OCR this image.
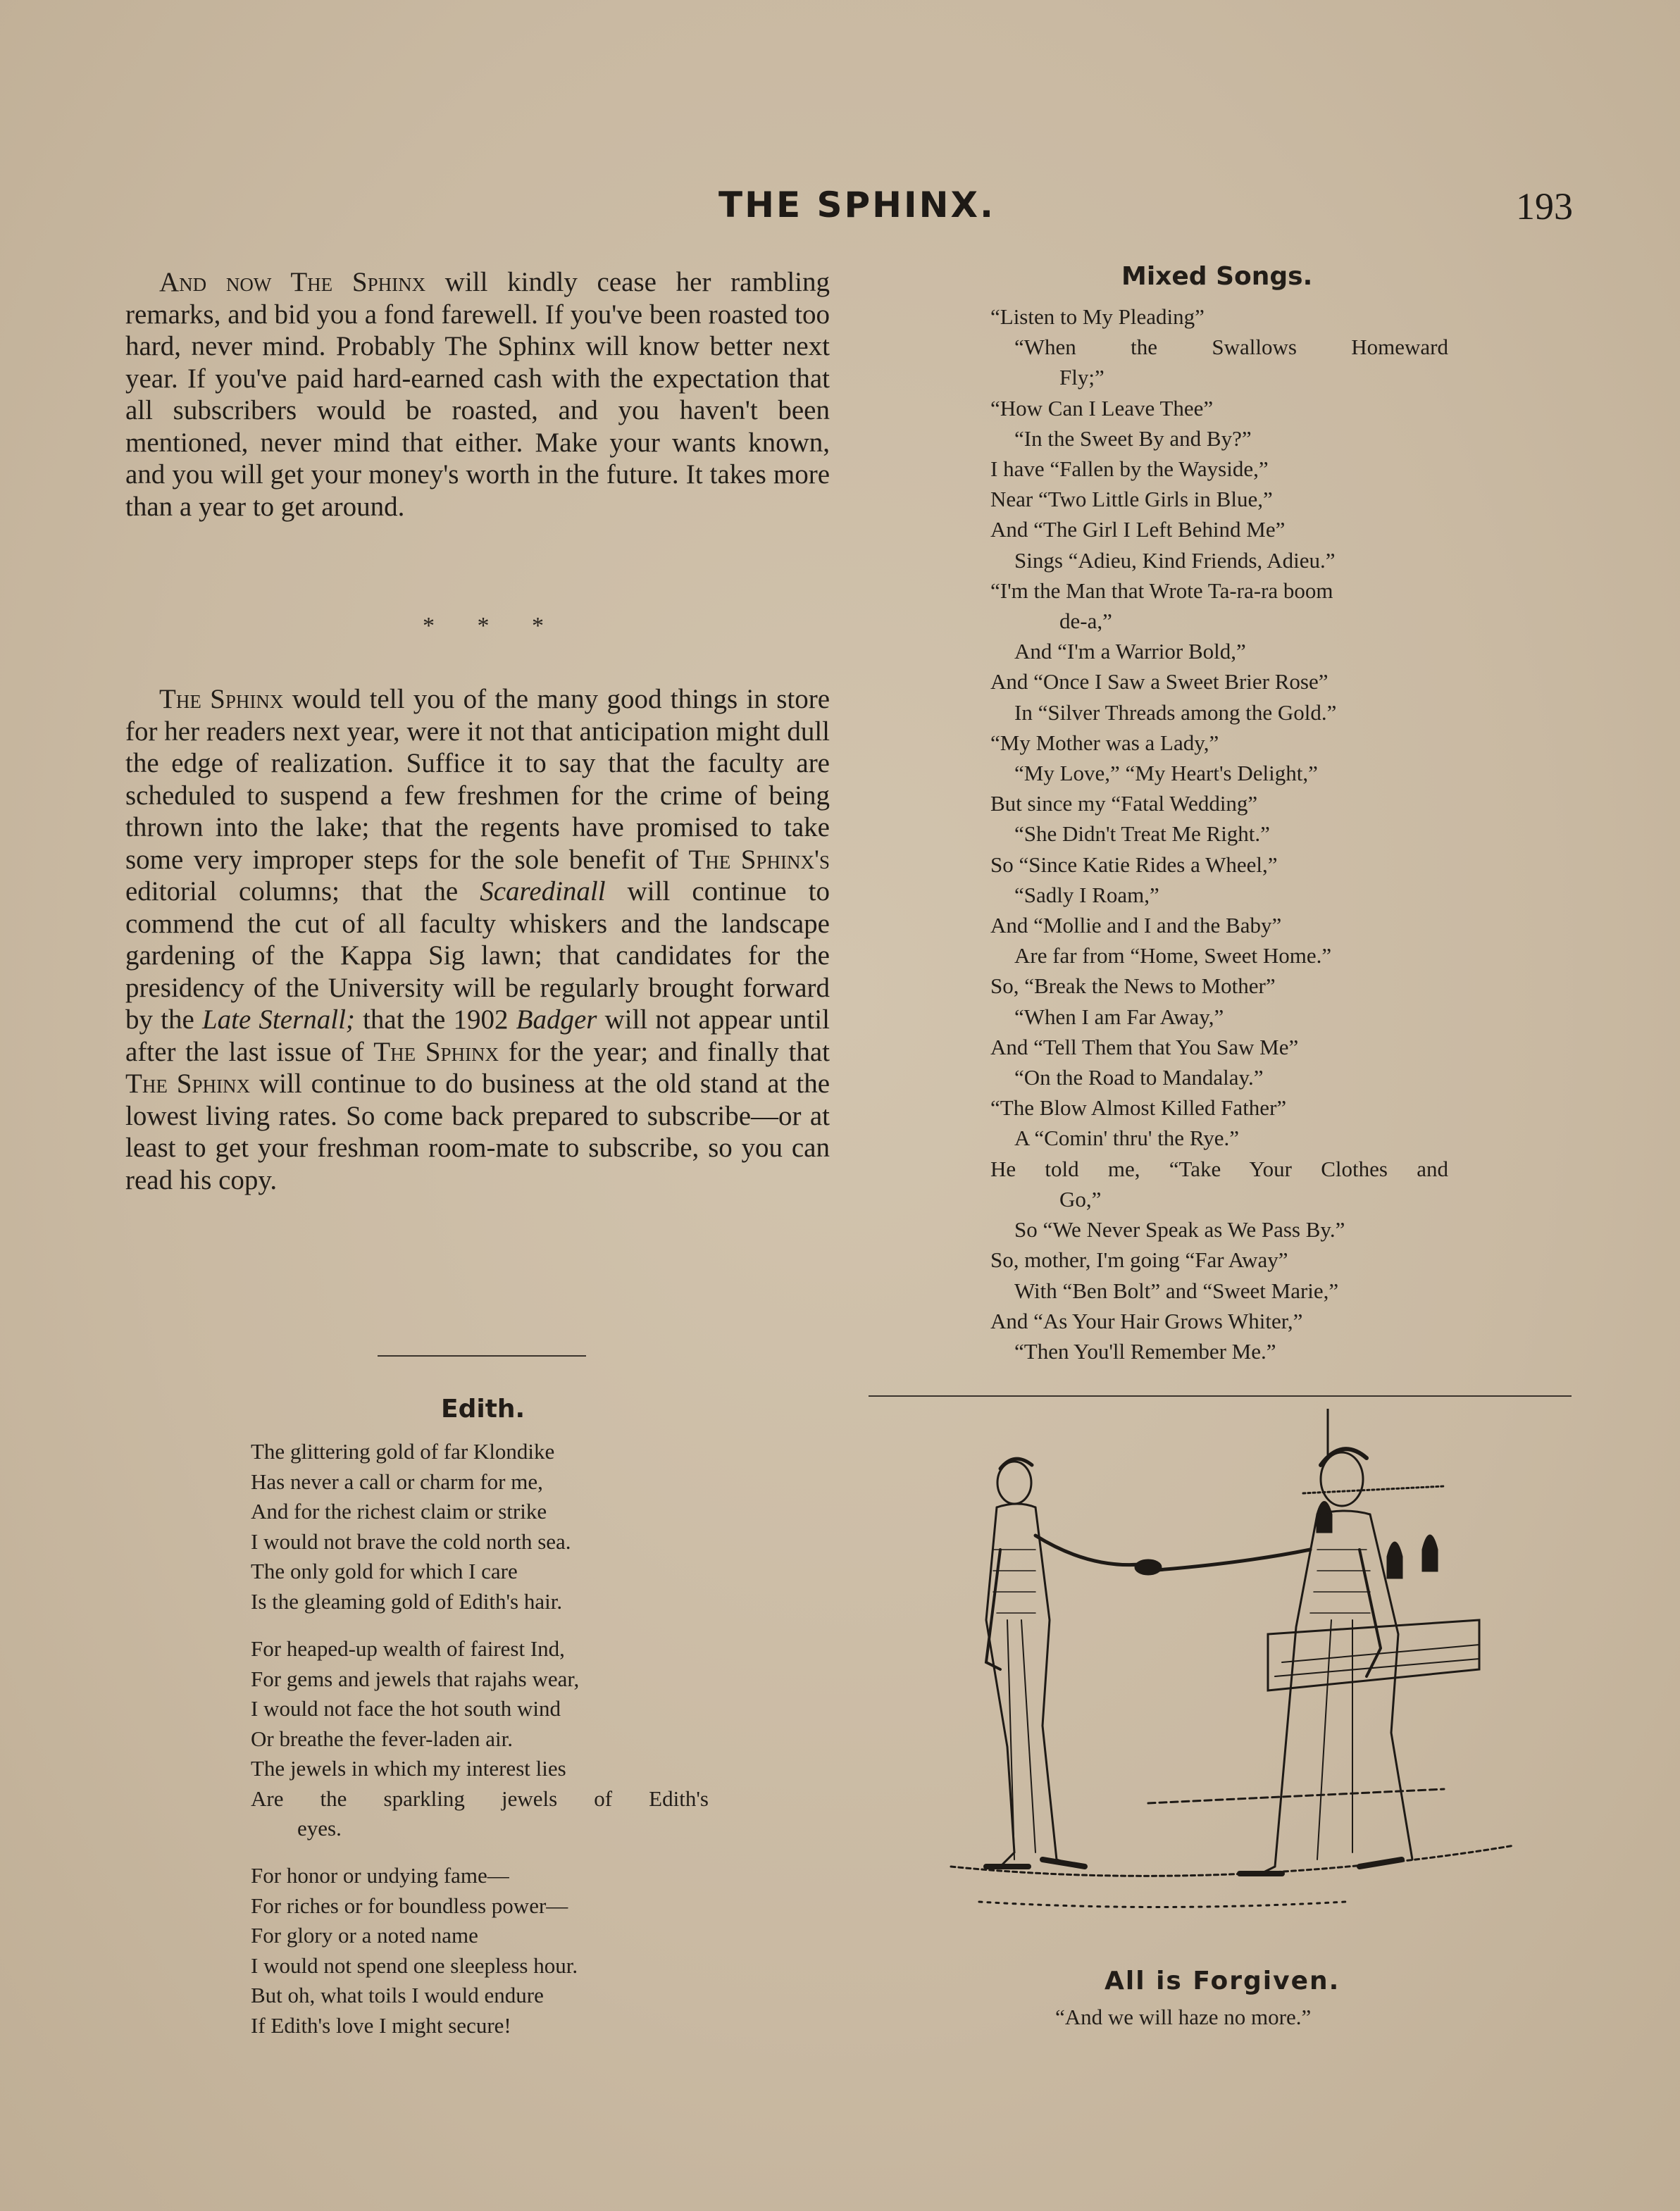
THE SPHINX.	193

And now The Sphinx will kindly cease her rambling remarks, and bid you a fond farewell. If you've been roasted too hard, never mind. Probably The Sphinx will know better next year. If you've paid hard-earned cash with the expectation that all subscribers would be roasted, and you haven't been mentioned, never mind that either. Make your wants known, and you will get your money's worth in the future. It takes more than a year to get around.

* * *

The Sphinx would tell you of the many good things in store for her readers next year, were it not that anticipation might dull the edge of realization. Suffice it to say that the faculty are scheduled to suspend a few freshmen for the crime of being thrown into the lake; that the regents have promised to take some very improper steps for the sole benefit of The Sphinx's editorial columns; that the Scaredinall will continue to commend the cut of all faculty whiskers and the landscape gardening of the Kappa Sig lawn; that candidates for the presidency of the University will be regularly brought forward by the Late Sternall; that the 1902 Badger will not appear until after the last issue of The Sphinx for the year; and finally that The Sphinx will continue to do business at the old stand at the lowest living rates. So come back prepared to subscribe—or at least to get your freshman room-mate to subscribe, so you can read his copy.

Edith.
The glittering gold of far Klondike
Has never a call or charm for me,
And for the richest claim or strike
I would not brave the cold north sea.
The only gold for which I care
Is the gleaming gold of Edith's hair.
For heaped-up wealth of fairest Ind,
For gems and jewels that rajahs wear,
I would not face the hot south wind
Or breathe the fever-laden air.
The jewels in which my interest lies
Are the sparkling jewels of Edith's
eyes.
For honor or undying fame—
For riches or for boundless power—
For glory or a noted name
I would not spend one sleepless hour.
But oh, what toils I would endure
If Edith's love I might secure!
Mixed Songs.
“Listen to My Pleading”
“When the Swallows Homeward
Fly;”
“How Can I Leave Thee”
“In the Sweet By and By?”
I have “Fallen by the Wayside,”
Near “Two Little Girls in Blue,”
And “The Girl I Left Behind Me”
Sings “Adieu, Kind Friends, Adieu.”
“I'm the Man that Wrote Ta-ra-ra boom
de-a,”
And “I'm a Warrior Bold,”
And “Once I Saw a Sweet Brier Rose”
In “Silver Threads among the Gold.”
“My Mother was a Lady,”
“My Love,” “My Heart's Delight,”
But since my “Fatal Wedding”
“She Didn't Treat Me Right.”
So “Since Katie Rides a Wheel,”
“Sadly I Roam,”
And “Mollie and I and the Baby”
Are far from “Home, Sweet Home.”
So, “Break the News to Mother”
“When I am Far Away,”
And “Tell Them that You Saw Me”
“On the Road to Mandalay.”
“The Blow Almost Killed Father”
A “Comin' thru' the Rye.”
He told me, “Take Your Clothes and
Go,”
So “We Never Speak as We Pass By.”
So, mother, I'm going “Far Away”
With “Ben Bolt” and “Sweet Marie,”
And “As Your Hair Grows Whiter,”
“Then You'll Remember Me.”
All is Forgiven.
“And we will haze no more.”
